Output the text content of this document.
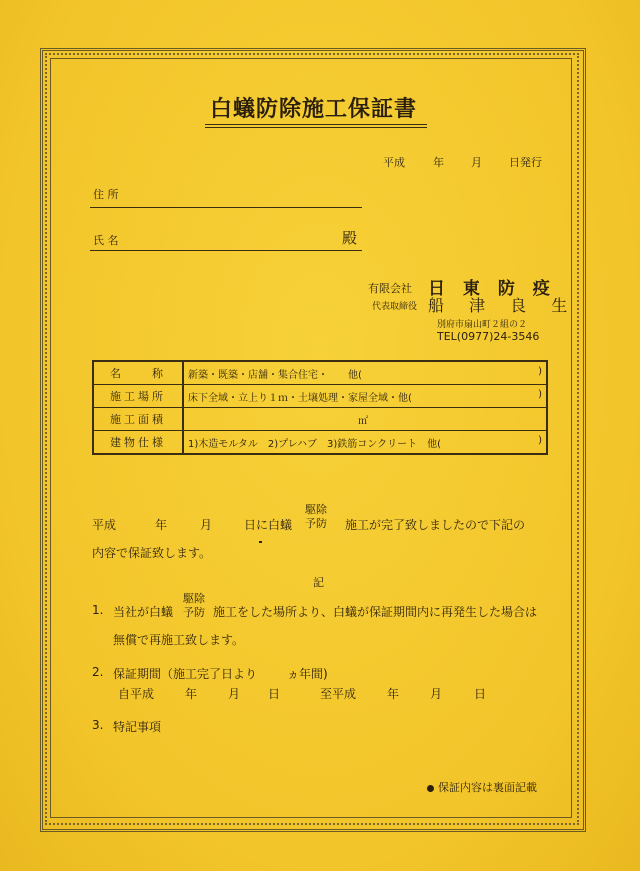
白蟻防除施工保証書
平成	年 月 日発行
住 所
氏 名	殿
有限会社 日 東 防 疫
代表取締役 船 津 良 生
別府市扇山町２組の２
TEL(0977)24-3546
名　　称	新築・既築・店舗・集合住宅・　　他( )

施工場所	床下全域・立上り１ｍ・土壌処理・家屋全域・他( )

施工面積	㎡
建物仕様	1)木造モルタル　2)プレハブ　3)鉄筋コンクリート　他( )
平成	年	月	日に白蟻
駆除
予防 施工が完了致しましたので下記の
内容で保証致します。
記
1. 当社が白蟻
駆除
予防 施工をした場所より、白蟻が保証期間内に再発生した場合は
無償で再施工致します。
2. 保証期間（施工完了日より ヵ年間)
自平成	年	月 日	至平成	年	月	日
3. 特記事項
保証内容は裏面記載
